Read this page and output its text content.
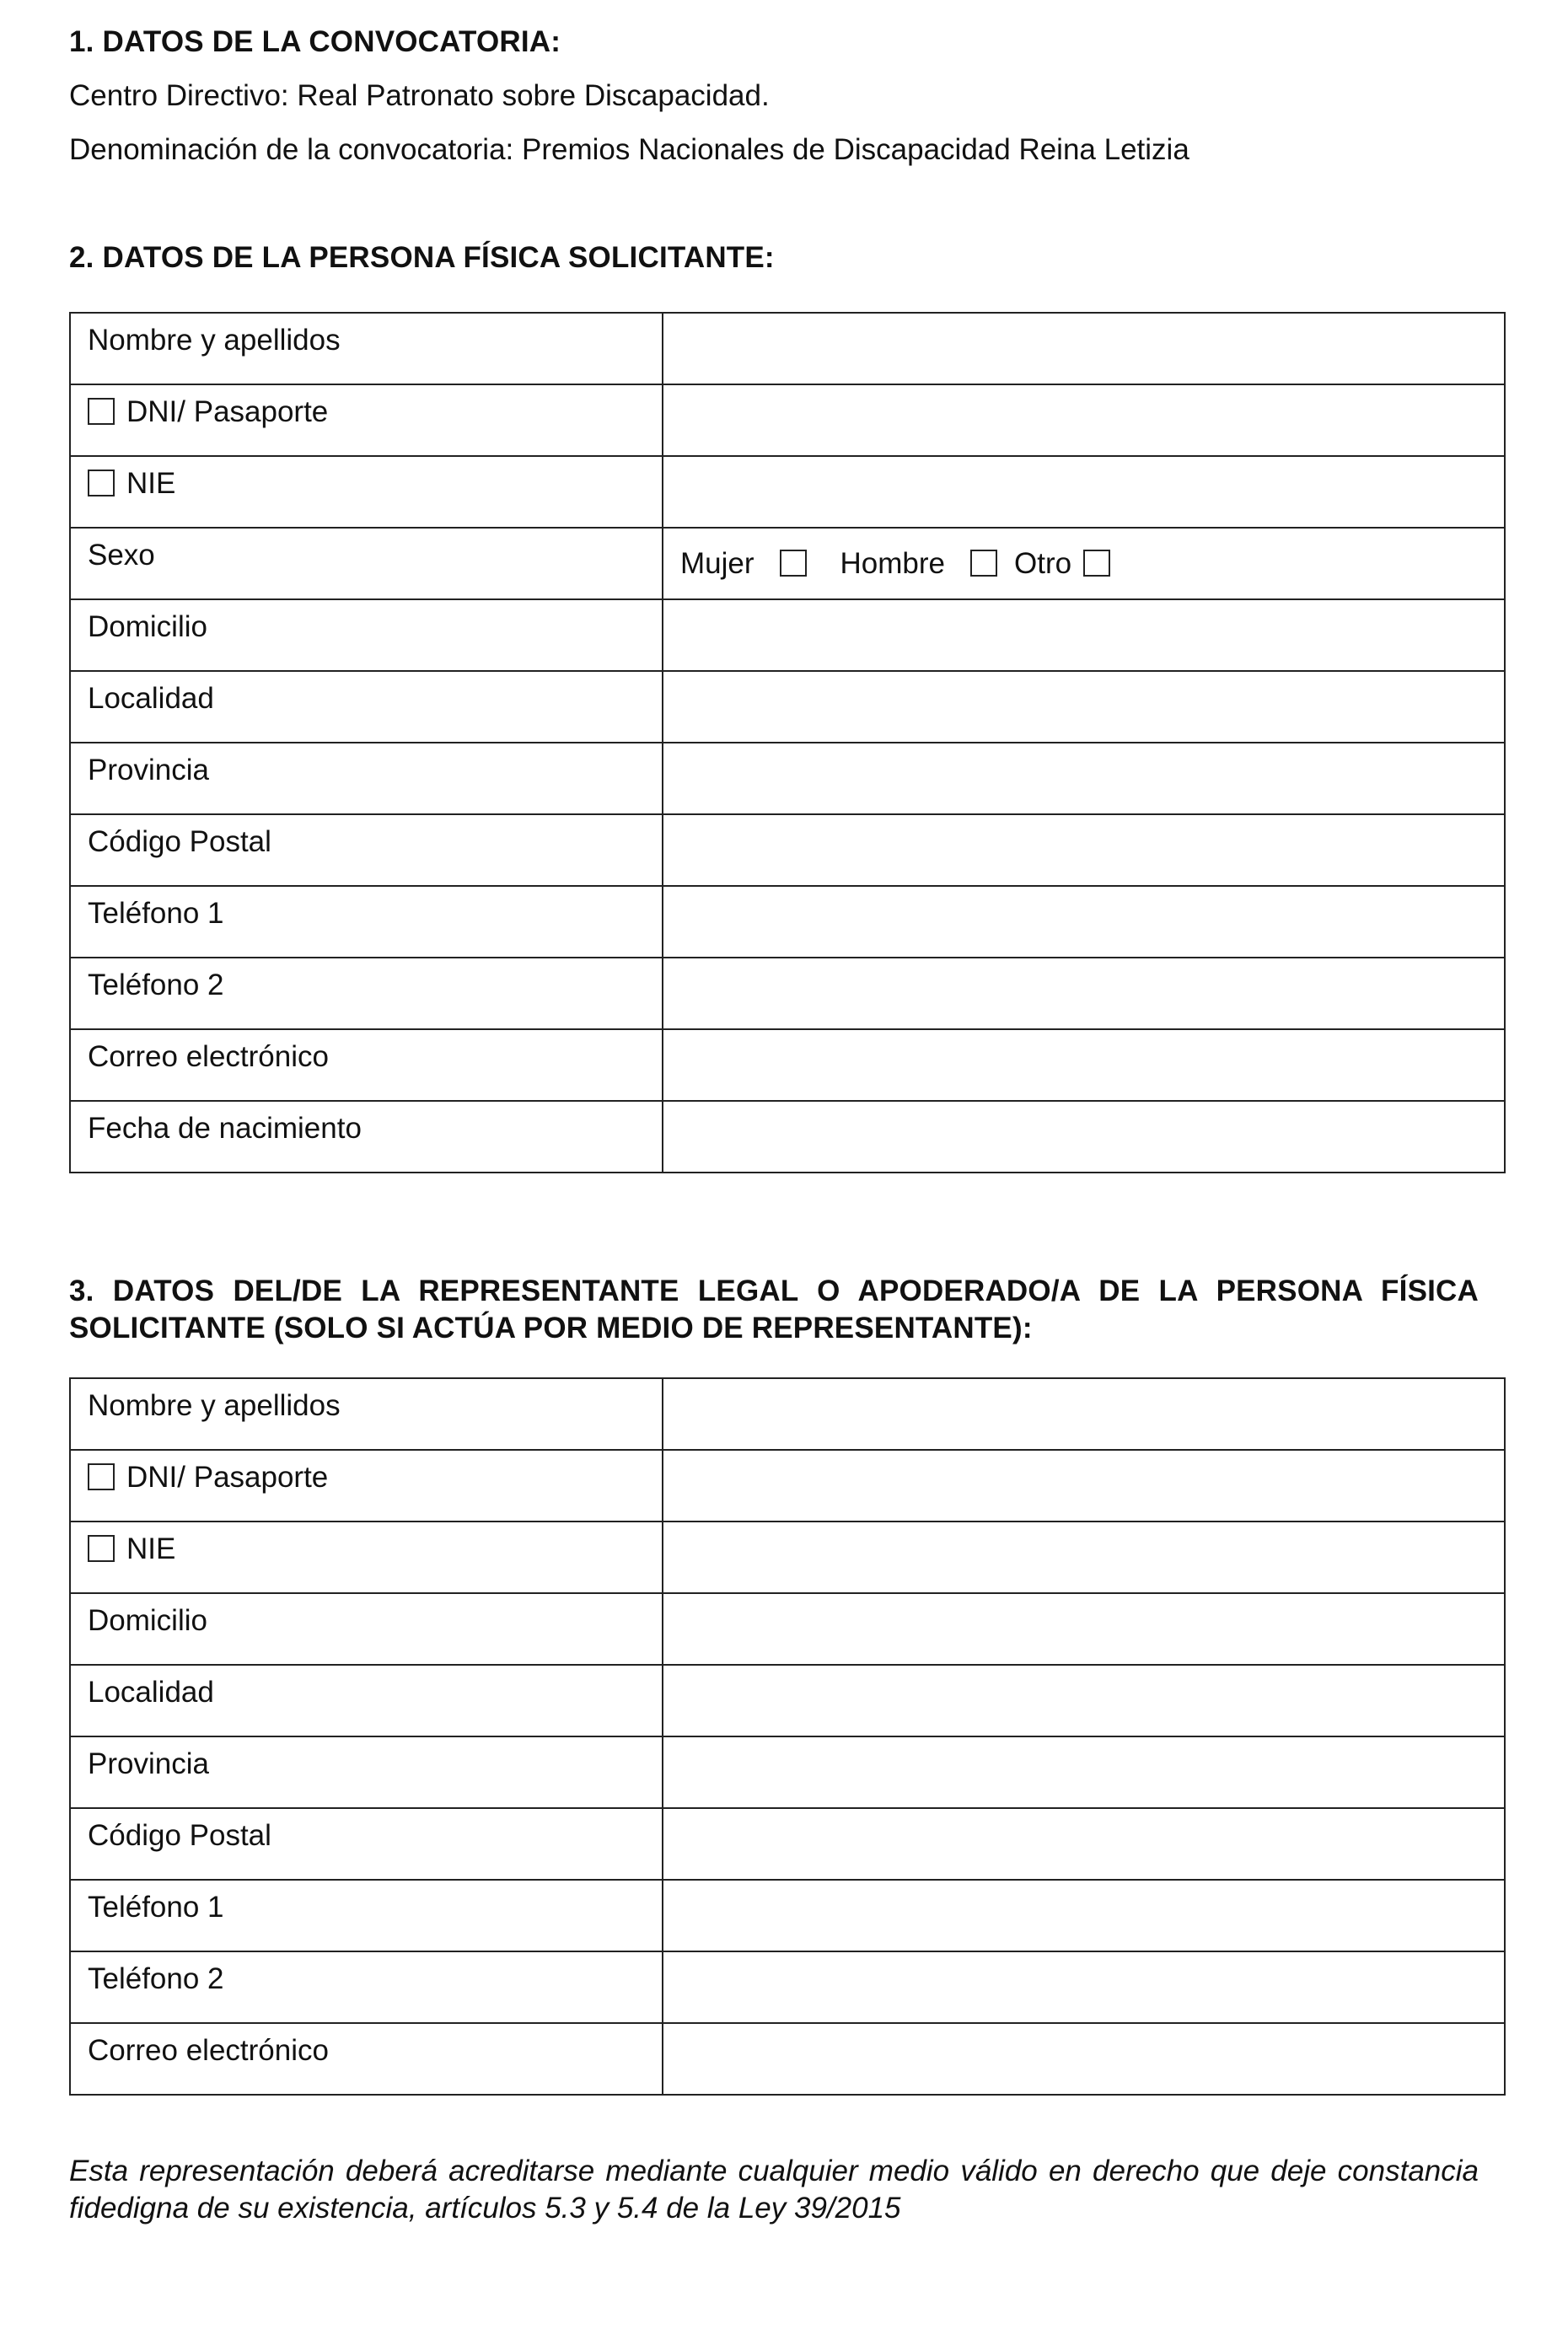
1. DATOS DE LA CONVOCATORIA:
Centro Directivo: Real Patronato sobre Discapacidad.
Denominación de la convocatoria: Premios Nacionales de Discapacidad Reina Letizia
2. DATOS DE LA PERSONA FÍSICA SOLICITANTE:
Nombre y apellidos	
DNI/ Pasaporte	
NIE	
Sexo	Mujer Hombre Otro

Domicilio	
Localidad	
Provincia	
Código Postal	
Teléfono 1	
Teléfono 2	
Correo electrónico	
Fecha de nacimiento	
3. DATOS DEL/DE LA REPRESENTANTE LEGAL O APODERADO/A DE LA PERSONA FÍSICA SOLICITANTE (SOLO SI ACTÚA POR MEDIO DE REPRESENTANTE):
Nombre y apellidos	
DNI/ Pasaporte	
NIE	
Domicilio	
Localidad	
Provincia	
Código Postal	
Teléfono 1	
Teléfono 2	
Correo electrónico	
Esta representación deberá acreditarse mediante cualquier medio válido en derecho que deje constancia fidedigna de su existencia, artículos 5.3 y 5.4 de la Ley 39/2015
